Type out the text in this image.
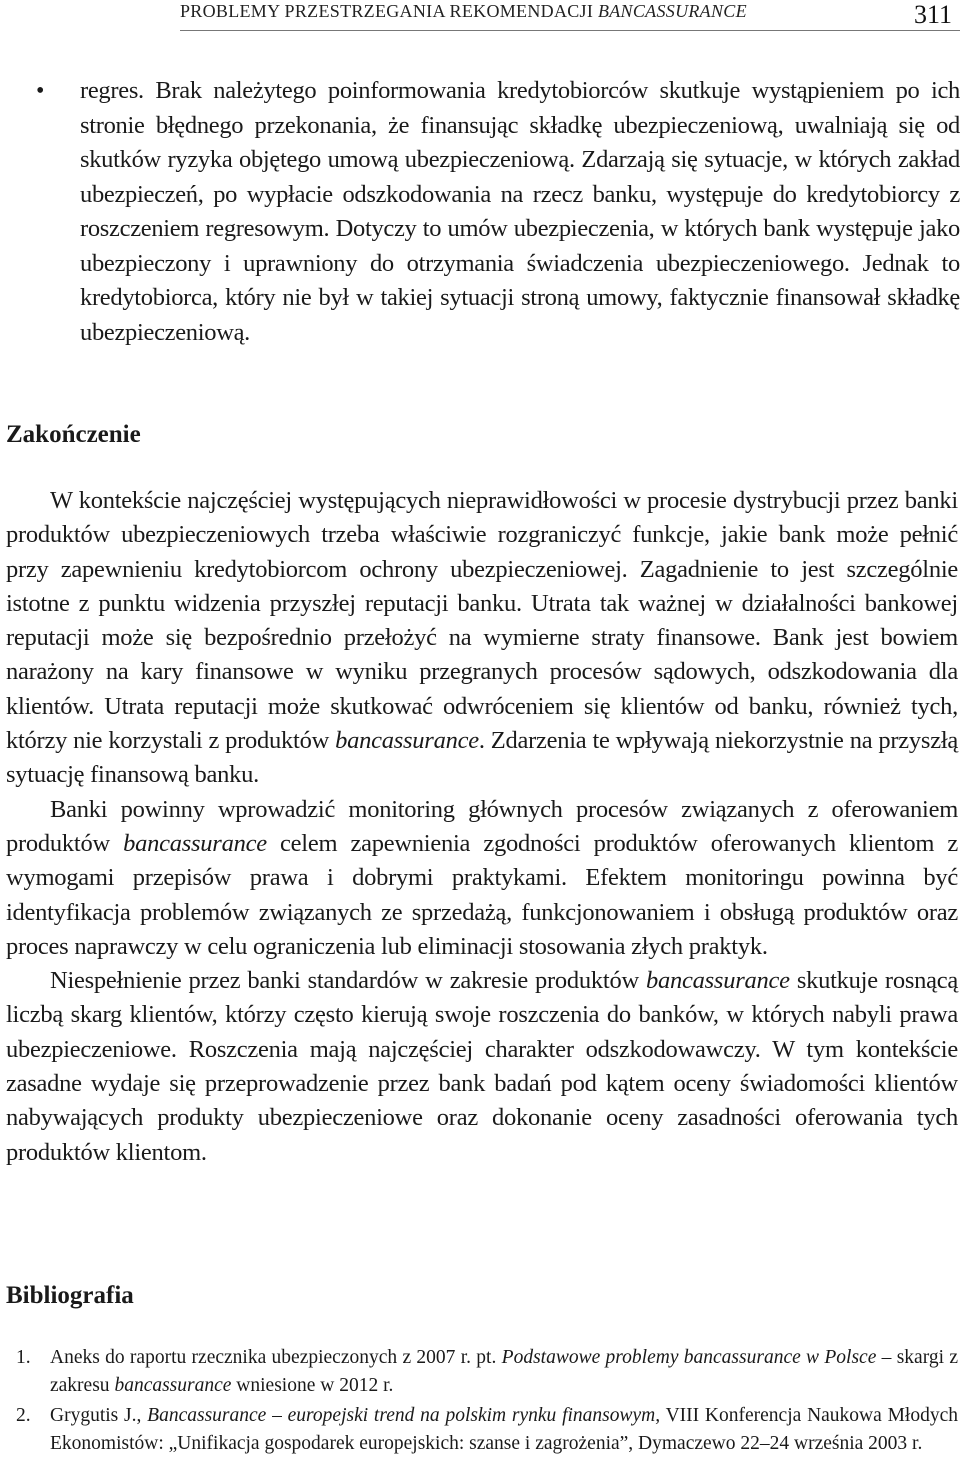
PROBLEMY PRZESTRZEGANIA REKOMENDACJI BANCASSURANCE	311
• regres. Brak należytego poinformowania kredytobiorców skutkuje wystąpieniem po ich stronie błędnego przekonania, że finansując składkę ubezpieczeniową, uwalniają się od skutków ryzyka objętego umową ubezpieczeniową. Zdarzają się sytuacje, w których zakład ubezpieczeń, po wypłacie odszkodowania na rzecz banku, występuje do kredytobiorcy z roszczeniem regresowym. Dotyczy to umów ubezpieczenia, w których bank występuje jako ubezpieczony i uprawniony do otrzymania świadczenia ubezpieczeniowego. Jednak to kredytobiorca, który nie był w takiej sytuacji stroną umowy, faktycznie finansował składkę ubezpieczeniową.
Zakończenie

W kontekście najczęściej występujących nieprawidłowości w procesie dystrybucji przez banki produktów ubezpieczeniowych trzeba właściwie rozgraniczyć funkcje, jakie bank może pełnić przy zapewnieniu kredytobiorcom ochrony ubezpieczeniowej. Zagadnienie to jest szczególnie istotne z punktu widzenia przyszłej reputacji banku. Utrata tak ważnej w działalności bankowej reputacji może się bezpośrednio przełożyć na wymierne straty finansowe. Bank jest bowiem narażony na kary finansowe w wyniku przegranych procesów sądowych, odszkodowania dla klientów. Utrata reputacji może skutkować odwróceniem się klientów od banku, również tych, którzy nie korzystali z produktów bancassurance. Zdarzenia te wpływają niekorzystnie na przyszłą sytuację finansową banku.

Banki powinny wprowadzić monitoring głównych procesów związanych z oferowaniem produktów bancassurance celem zapewnienia zgodności produktów oferowanych klientom z wymogami przepisów prawa i dobrymi praktykami. Efektem monitoringu powinna być identyfikacja problemów związanych ze sprzedażą, funkcjonowaniem i obsługą produktów oraz proces naprawczy w celu ograniczenia lub eliminacji stosowania złych praktyk.

Niespełnienie przez banki standardów w zakresie produktów bancassurance skutkuje rosnącą liczbą skarg klientów, którzy często kierują swoje roszczenia do banków, w których nabyli prawa ubezpieczeniowe. Roszczenia mają najczęściej charakter odszkodowawczy. W tym kontekście zasadne wydaje się przeprowadzenie przez bank badań pod kątem oceny świadomości klientów nabywających produkty ubezpieczeniowe oraz dokonanie oceny zasadności oferowania tych produktów klientom.

Bibliografia
1. Aneks do raportu rzecznika ubezpieczonych z 2007 r. pt. Podstawowe problemy bancassurance w Polsce – skargi z zakresu bancassurance wniesione w 2012 r.
2. Grygutis J., Bancassurance – europejski trend na polskim rynku finansowym, VIII Konferencja Naukowa Młodych Ekonomistów: „Unifikacja gospodarek europejskich: szanse i zagrożenia”, Dymaczewo 22–24 września 2003 r.
